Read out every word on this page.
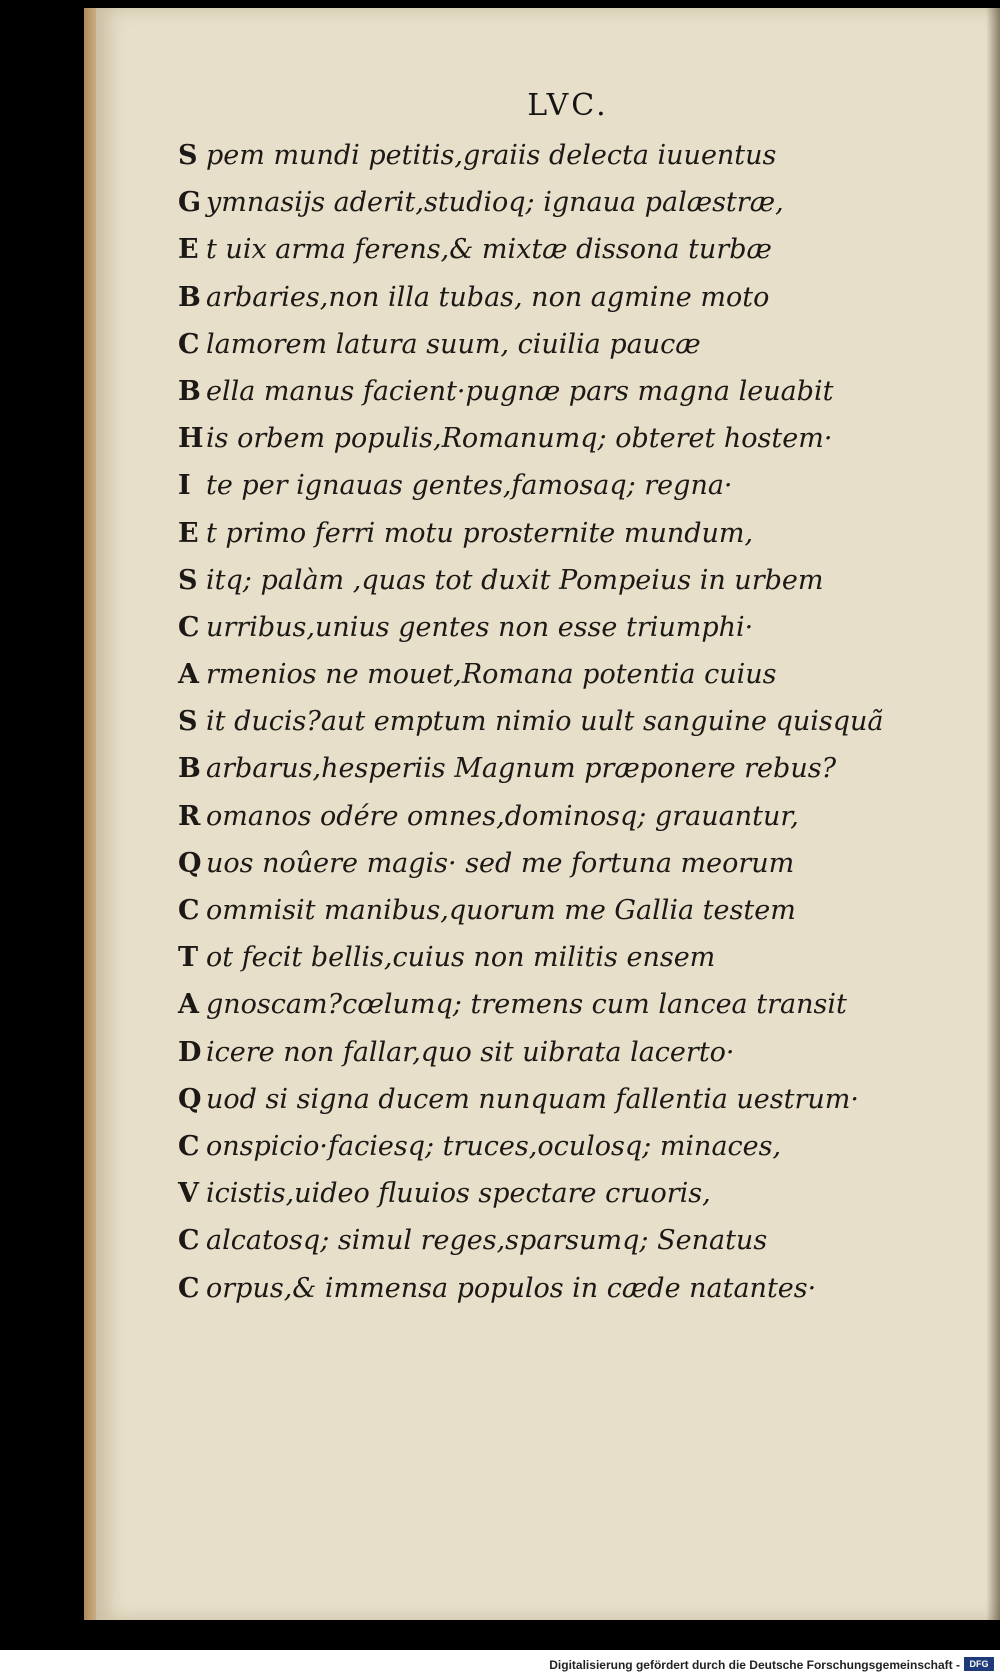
LVC.
S pem mundi petitis,graiis delecta iuuentus
G ymnasijs aderit,studioq; ignaua palæstræ,
E t uix arma ferens,& mixtæ dissona turbæ
B arbaries,non illa tubas, non agmine moto
C lamorem latura suum, ciuilia paucæ
B ella manus facient·pugnæ pars magna leuabit
His orbem populis,Romanumq; obteret hostem·
I te per ignauas gentes,famosaq; regna·
E t primo ferri motu prosternite mundum,
S itq; palàm ,quas tot duxit Pompeius in urbem
C urribus,unius gentes non esse triumphi·
A rmenios ne mouet,Romana potentia cuius
S it ducis?aut emptum nimio uult sanguine quisquã
B arbarus,hesperiis Magnum præponere rebus?
R omanos odére omnes,dominosq; grauantur,
Q uos noûere magis· sed me fortuna meorum
C ommisit manibus,quorum me Gallia testem
T ot fecit bellis,cuius non militis ensem
A gnoscam?cœlumq; tremens cum lancea transit
D icere non fallar,quo sit uibrata lacerto·
Q uod si signa ducem nunquam fallentia uestrum·
C onspicio·faciesq; truces,oculosq; minaces,
V icistis,uideo fluuios spectare cruoris,
C alcatosq; simul reges,sparsumq; Senatus
C orpus,& immensa populos in cæde natantes·
Digitalisierung gefördert durch die Deutsche Forschungsgemeinschaft -	DFG
